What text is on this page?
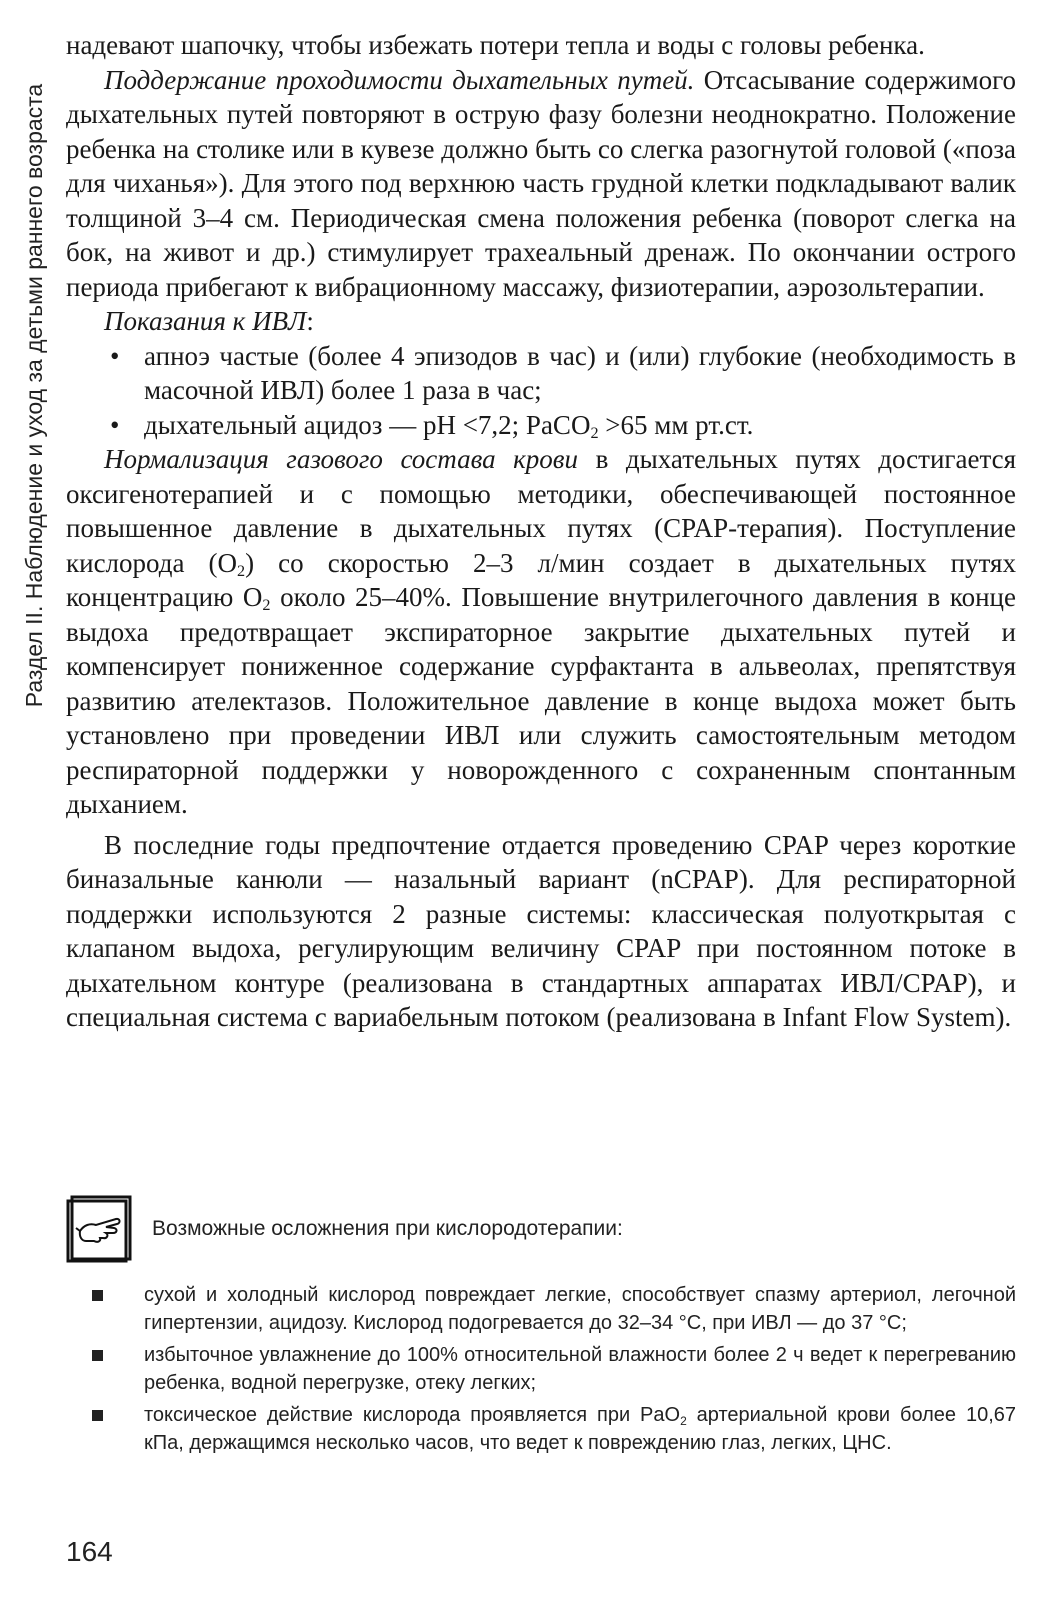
Раздел II. Наблюдение и уход за детьми раннего возраста

надевают шапочку, чтобы избежать потери тепла и воды с головы ребенка.

Поддержание проходимости дыхательных путей. Отсасывание содержимого дыхательных путей повторяют в острую фазу болезни неоднократно. Положение ребенка на столике или в кувезе должно быть со слегка разогнутой головой («поза для чиханья»). Для этого под верхнюю часть грудной клетки подкладывают валик толщиной 3–4 см. Периодическая смена положения ребенка (поворот слегка на бок, на живот и др.) стимулирует трахеальный дренаж. По окончании острого периода прибегают к вибрационному массажу, физиотерапии, аэрозольтерапии.

Показания к ИВЛ:

• апноэ частые (более 4 эпизодов в час) и (или) глубокие (необходимость в масочной ИВЛ) более 1 раза в час;
• дыхательный ацидоз — pH <7,2; PaCO$_2$ >65 мм рт.ст.

Нормализация газового состава крови в дыхательных путях достигается оксигенотерапией и с помощью методики, обеспечивающей постоянное повышенное давление в дыхательных путях (CPAP-терапия). Поступление кислорода $(O_2)$ со скоростью 2–3 л/мин создает в дыхательных путях концентрацию $O_2$ около 25–40%. Повышение внутрилегочного давления в конце выдоха предотвращает экспираторное закрытие дыхательных путей и компенсирует пониженное содержание сурфактанта в альвеолах, препятствуя развитию ателектазов. Положительное давление в конце выдоха может быть установлено при проведении ИВЛ или служить самостоятельным методом респираторной поддержки у новорожденного с сохраненным спонтанным дыханием.

В последние годы предпочтение отдается проведению CPAP через короткие биназальные канюли — назальный вариант (nCPAP). Для респираторной поддержки используются 2 разные системы: классическая полуоткрытая с клапаном выдоха, регулирующим величину CPAP при постоянном потоке в дыхательном контуре (реализована в стандартных аппаратах ИВЛ/CPAP), и специальная система с вариабельным потоком (реализована в Infant Flow System).

Возможные осложнения при кислородотерапии:
сухой и холодный кислород повреждает легкие, способствует спазму артериол, легочной гипертензии, ацидозу. Кислород подогревается до 32–34 °С, при ИВЛ — до 37 °С;
избыточное увлажнение до 100% относительной влажности более 2 ч ведет к перегреванию ребенка, водной перегрузке, отеку легких;
токсическое действие кислорода проявляется при PaO$_2$ артериальной крови более 10,67 кПа, держащимся несколько часов, что ведет к повреждению глаз, легких, ЦНС.
164
